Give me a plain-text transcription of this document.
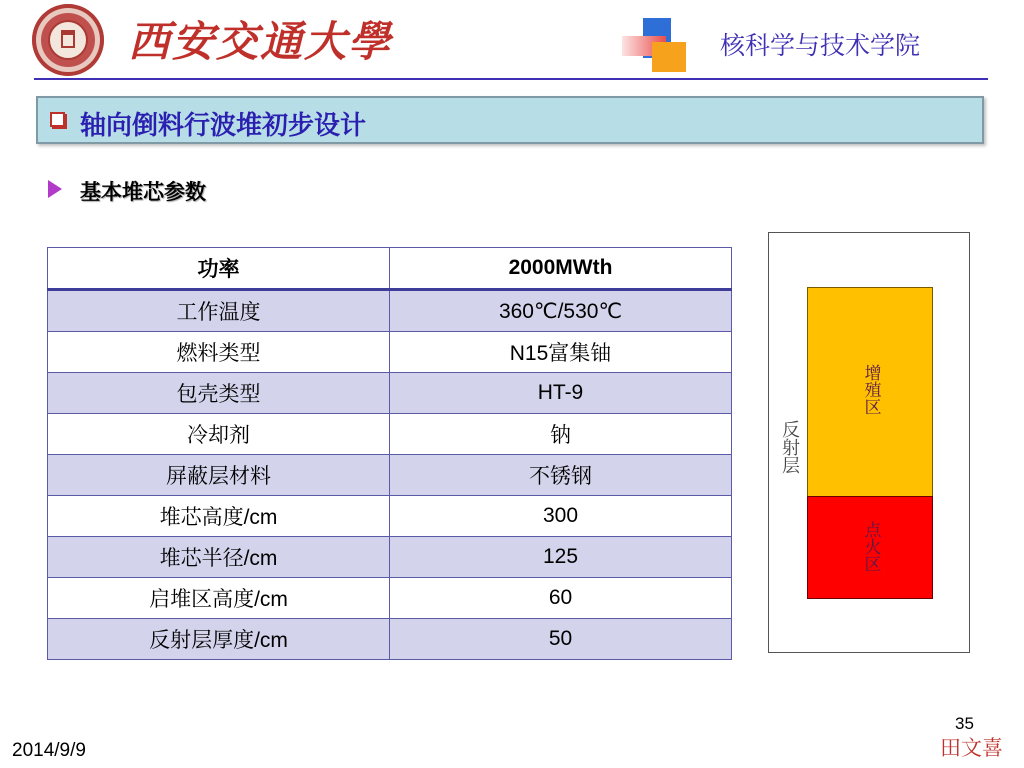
西安交通大學	核科学与技术学院
轴向倒料行波堆初步设计
基本堆芯参数
功率	2000MWth
工作温度	360℃/530℃
燃料类型	N15富集铀
包壳类型	HT-9
冷却剂	钠
屏蔽层材料	不锈钢
堆芯高度/cm	300
堆芯半径/cm	125
启堆区高度/cm	60
反射层厚度/cm	50
反射层
增殖区
点火区
35
田文喜
2014/9/9
